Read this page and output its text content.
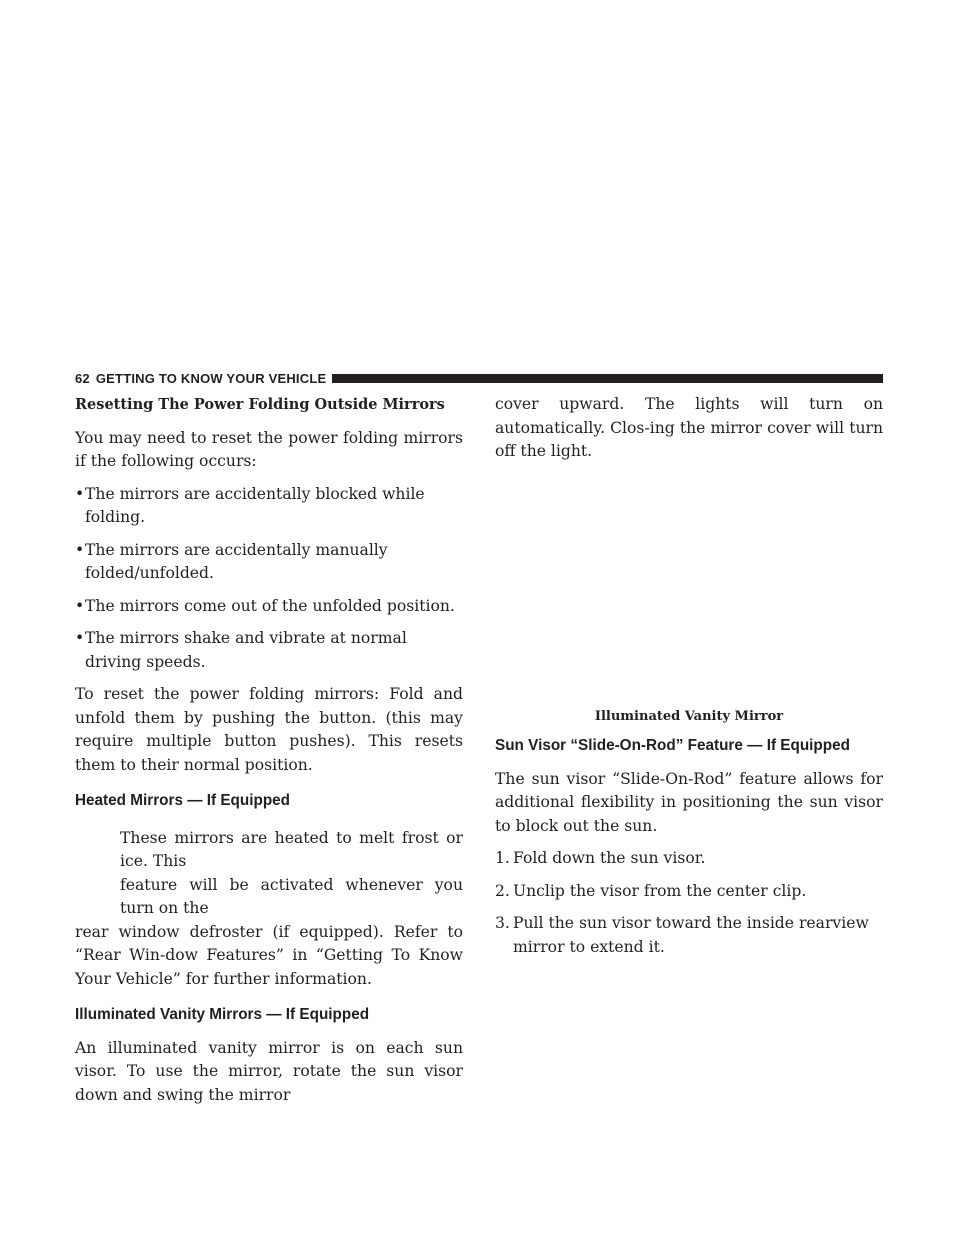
62 GETTING TO KNOW YOUR VEHICLE

Resetting The Power Folding Outside Mirrors

You may need to reset the power folding mirrors if the following occurs:

• The mirrors are accidentally blocked while folding.
• The mirrors are accidentally manually folded/unfolded.
• The mirrors come out of the unfolded position.
• The mirrors shake and vibrate at normal driving speeds.

To reset the power folding mirrors: Fold and unfold them by pushing the button. (this may require multiple button pushes). This resets them to their normal position.

Heated Mirrors — If Equipped

These mirrors are heated to melt frost or ice. This

feature will be activated whenever you turn on the

rear window defroster (if equipped). Refer to “Rear Win-dow Features” in “Getting To Know Your Vehicle” for further information.

Illuminated Vanity Mirrors — If Equipped

An illuminated vanity mirror is on each sun visor. To use the mirror, rotate the sun visor down and swing the mirror

cover upward. The lights will turn on automatically. Clos-ing the mirror cover will turn off the light.

Illuminated Vanity Mirror

Sun Visor “Slide-On-Rod” Feature — If Equipped

The sun visor “Slide-On-Rod” feature allows for additional flexibility in positioning the sun visor to block out the sun.

1. Fold down the sun visor.
2. Unclip the visor from the center clip.
3. Pull the sun visor toward the inside rearview mirror to extend it.
